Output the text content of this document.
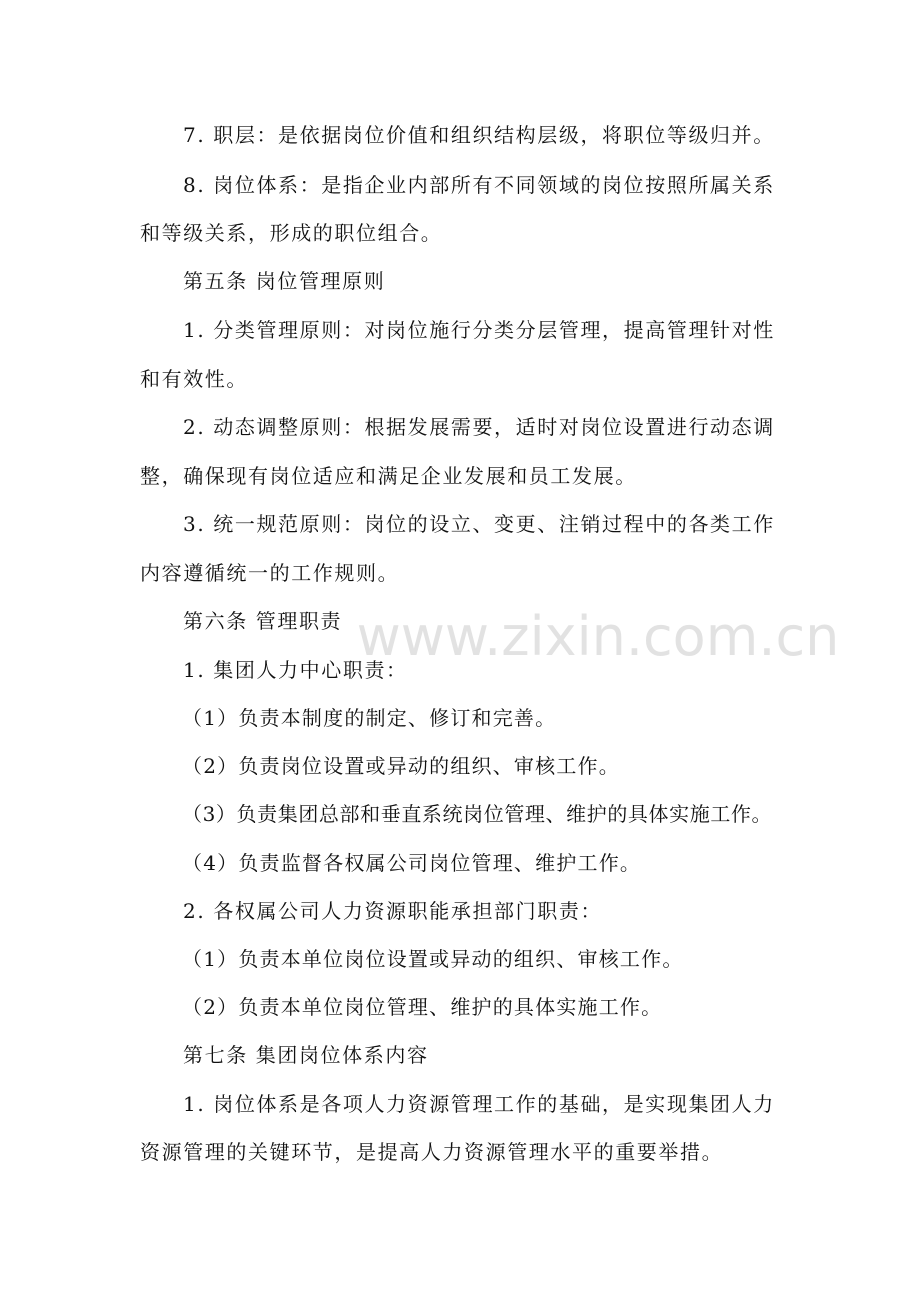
7. 职层：是依据岗位价值和组织结构层级，将职位等级归并。
8. 岗位体系：是指企业内部所有不同领域的岗位按照所属关系
和等级关系，形成的职位组合。
第五条 岗位管理原则
1. 分类管理原则：对岗位施行分类分层管理，提高管理针对性
和有效性。
2. 动态调整原则：根据发展需要，适时对岗位设置进行动态调
整，确保现有岗位适应和满足企业发展和员工发展。
3. 统一规范原则：岗位的设立、变更、注销过程中的各类工作
内容遵循统一的工作规则。
第六条 管理职责
1. 集团人力中心职责：
（1）负责本制度的制定、修订和完善。
（2）负责岗位设置或异动的组织、审核工作。
（3）负责集团总部和垂直系统岗位管理、维护的具体实施工作。
（4）负责监督各权属公司岗位管理、维护工作。
2. 各权属公司人力资源职能承担部门职责：
（1）负责本单位岗位设置或异动的组织、审核工作。
（2）负责本单位岗位管理、维护的具体实施工作。
第七条 集团岗位体系内容
1. 岗位体系是各项人力资源管理工作的基础，是实现集团人力
资源管理的关键环节，是提高人力资源管理水平的重要举措。
www.zixin.com.cn
